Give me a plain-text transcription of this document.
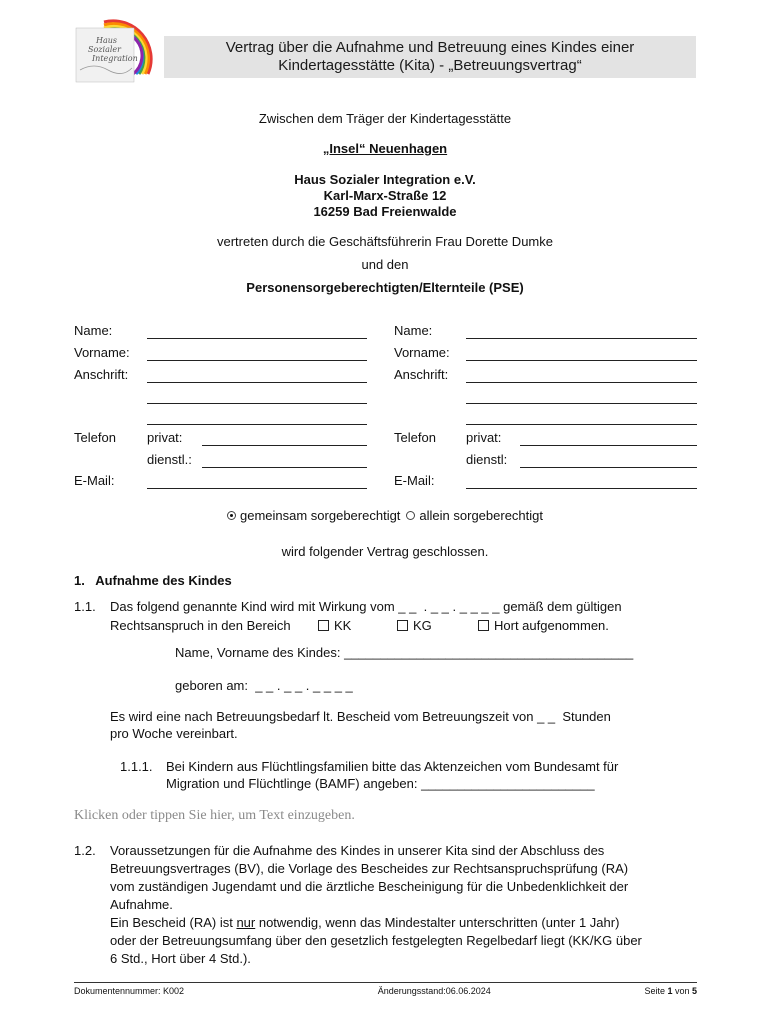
Haus
Sozialer
Integration
Vertrag über die Aufnahme und Betreuung eines Kindes einer
Kindertagesstätte (Kita) - „Betreuungsvertrag“
Zwischen dem Träger der Kindertagesstätte
„Insel“ Neuenhagen
Haus Sozialer Integration e.V.
Karl-Marx-Straße 12
16259 Bad Freienwalde
vertreten durch die Geschäftsführerin Frau Dorette Dumke
und den
Personensorgeberechtigten/Elternteile (PSE)
Name:
Vorname:
Anschrift:
Telefon privat:
dienstl.:
E-Mail:
Name:
Vorname:
Anschrift:
Telefon privat:
dienstl:
E-Mail:
gemeinsam sorgeberechtigt allein sorgeberechtigt
wird folgender Vertrag geschlossen.
1.   Aufnahme des Kindes
1.1. Das folgend genannte Kind wird mit Wirkung vom _ _  . _ _ . _ _ _ _ gemäß dem gültigen
Rechtsanspruch in den Bereich	KK	KG	Hort aufgenommen.
Name, Vorname des Kindes: ________________________________________
geboren am:  _ _ . _ _ . _ _ _ _
Es wird eine nach Betreuungsbedarf lt. Bescheid vom Betreuungszeit von _ _  Stunden
pro Woche vereinbart.
1.1.1. Bei Kindern aus Flüchtlingsfamilien bitte das Aktenzeichen vom Bundesamt für
Migration und Flüchtlinge (BAMF) angeben: ________________________
Klicken oder tippen Sie hier, um Text einzugeben.
1.2. Voraussetzungen für die Aufnahme des Kindes in unserer Kita sind der Abschluss des
Betreuungsvertrages (BV), die Vorlage des Bescheides zur Rechtsanspruchsprüfung (RA)
vom zuständigen Jugendamt und die ärztliche Bescheinigung für die Unbedenklichkeit der
Aufnahme.
Ein Bescheid (RA) ist nur notwendig, wenn das Mindestalter unterschritten (unter 1 Jahr)
oder der Betreuungsumfang über den gesetzlich festgelegten Regelbedarf liegt (KK/KG über
6 Std., Hort über 4 Std.).
Dokumentennummer: K002	Änderungsstand:06.06.2024	Seite 1 von 5
